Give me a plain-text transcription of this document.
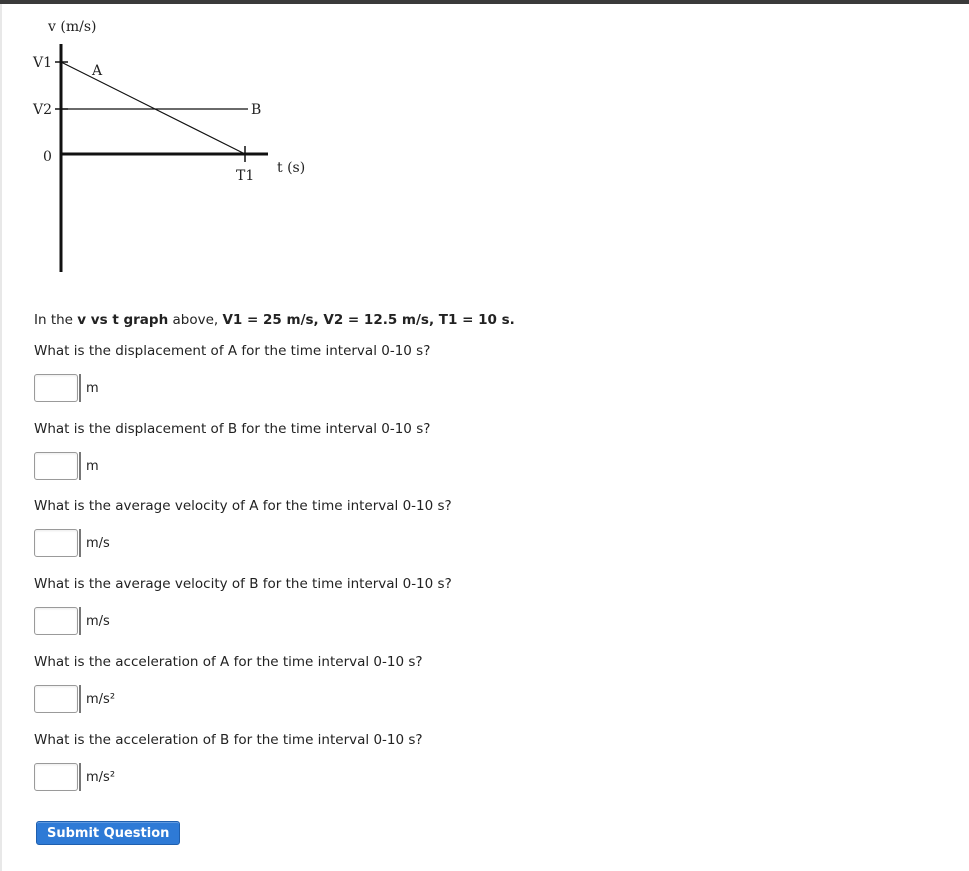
v (m/s)
V1
V2
0
T1 t (s)
A
B
In the v vs t graph above, V1 = 25 m/s, V2 = 12.5 m/s, T1 = 10 s.
What is the displacement of A for the time interval 0-10 s?
m
What is the displacement of B for the time interval 0-10 s?
m
What is the average velocity of A for the time interval 0-10 s?
m/s
What is the average velocity of B for the time interval 0-10 s?
m/s
What is the acceleration of A for the time interval 0-10 s?
m/s²
What is the acceleration of B for the time interval 0-10 s?
m/s²
Submit Question
